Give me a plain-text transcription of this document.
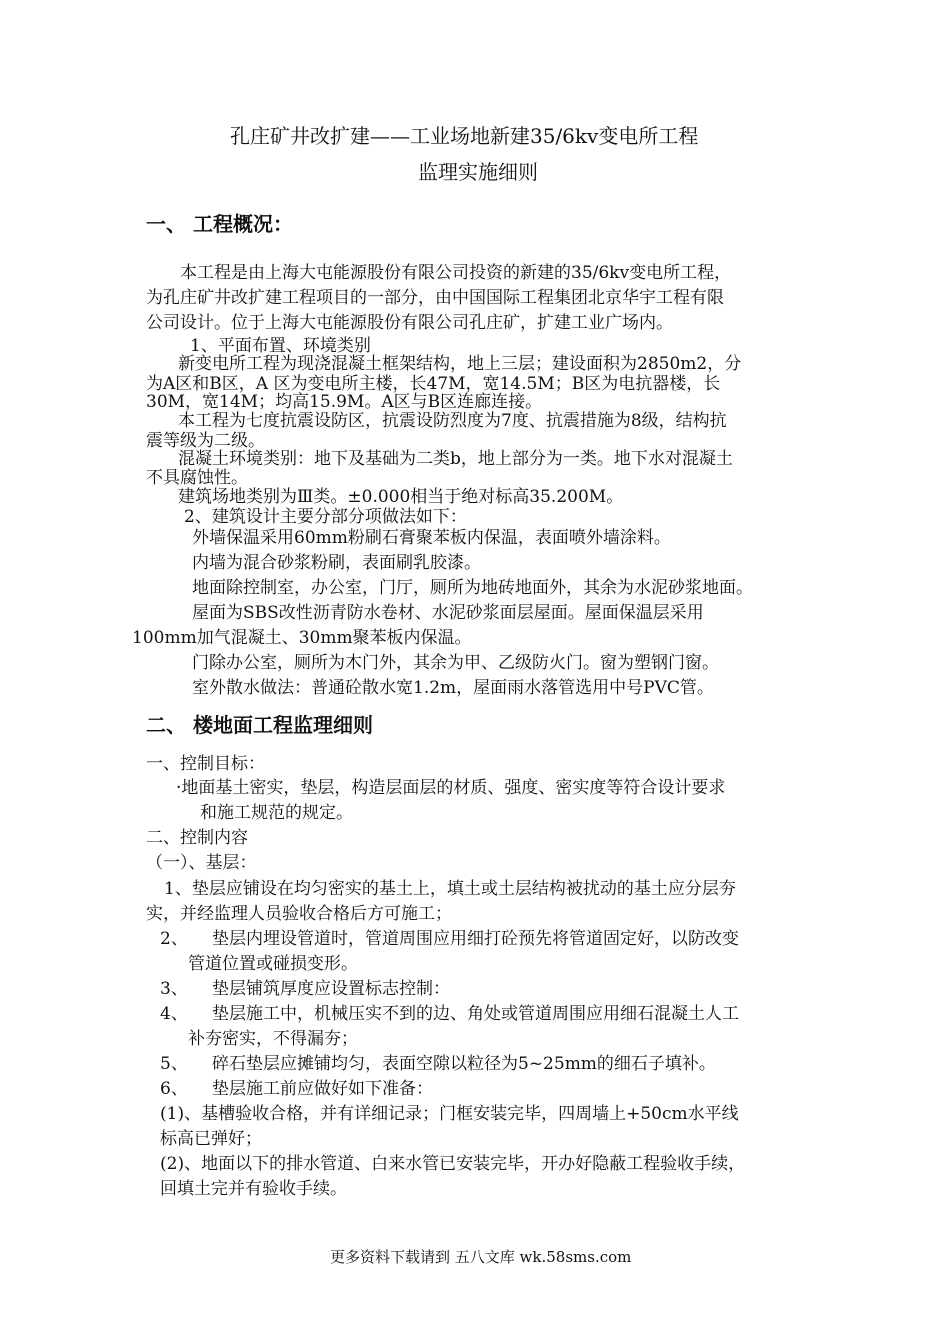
孔庄矿井改扩建——工业场地新建35/6kv变电所工程
监理实施细则
一、 工程概况：
本工程是由上海大屯能源股份有限公司投资的新建的35/6kv变电所工程，
为孔庄矿井改扩建工程项目的一部分，由中国国际工程集团北京华宇工程有限
公司设计。位于上海大屯能源股份有限公司孔庄矿，扩建工业广场内。
1、平面布置、环境类别
新变电所工程为现浇混凝土框架结构，地上三层；建设面积为2850m2，分
为A区和B区，A 区为变电所主楼，长47M，宽14.5M；B区为电抗器楼，长
30M，宽14M；均高15.9M。A区与B区连廊连接。
本工程为七度抗震设防区，抗震设防烈度为7度、抗震措施为8级，结构抗
震等级为二级。
混凝土环境类别：地下及基础为二类b，地上部分为一类。地下水对混凝土
不具腐蚀性。
建筑场地类别为Ⅲ类。±0.000相当于绝对标高35.200M。
2、建筑设计主要分部分项做法如下：
外墙保温采用60mm粉刷石膏聚苯板内保温，表面喷外墙涂料。
内墙为混合砂浆粉刷，表面刷乳胶漆。
地面除控制室，办公室，门厅，厕所为地砖地面外，其余为水泥砂浆地面。
屋面为SBS改性沥青防水卷材、水泥砂浆面层屋面。屋面保温层采用
100mm加气混凝土、30mm聚苯板内保温。
门除办公室，厕所为木门外，其余为甲、乙级防火门。窗为塑钢门窗。
室外散水做法：普通砼散水宽1.2m，屋面雨水落管选用中号PVC管。
二、 楼地面工程监理细则
一、控制目标：
·地面基土密实，垫层，构造层面层的材质、强度、密实度等符合设计要求
和施工规范的规定。
二、控制内容
（一）、基层：
1、垫层应铺设在均匀密实的基土上，填土或土层结构被扰动的基土应分层夯
实，并经监理人员验收合格后方可施工；
2、 垫层内埋设管道时，管道周围应用细打砼预先将管道固定好，以防改变
管道位置或碰损变形。
3、 垫层铺筑厚度应设置标志控制：
4、 垫层施工中，机械压实不到的边、角处或管道周围应用细石混凝土人工
补夯密实，不得漏夯；
5、 碎石垫层应摊铺均匀，表面空隙以粒径为5~25mm的细石子填补。
6、 垫层施工前应做好如下准备：
(1)、基槽验收合格，并有详细记录；门框安装完毕，四周墙上+50cm水平线
标高已弹好；
(2)、地面以下的排水管道、白来水管已安装完毕，开办好隐蔽工程验收手续，
回填土完并有验收手续。
更多资料下载请到 五八文库 wk.58sms.com
